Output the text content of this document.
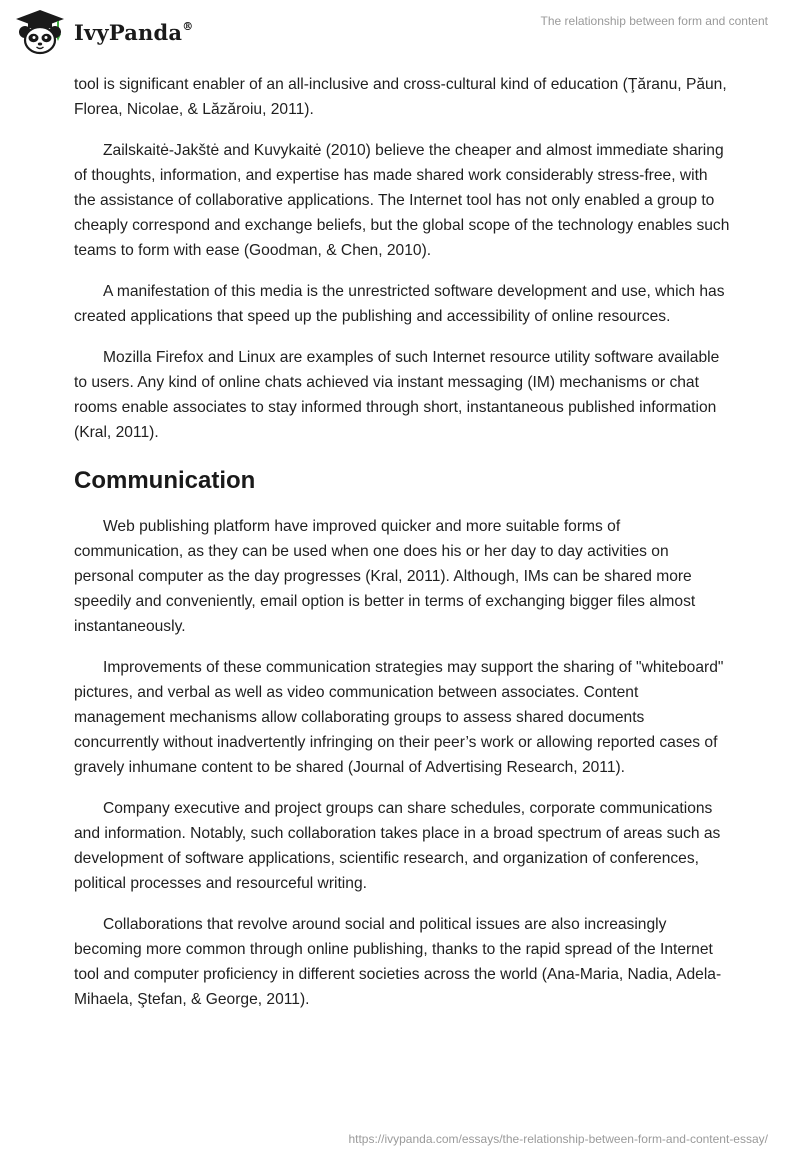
IvyPanda®	The relationship between form and content

tool is significant enabler of an all-inclusive and cross-cultural kind of education (Ţăranu, Păun, Florea, Nicolae, & Lăzăroiu, 2011).

Zailskaitė-Jakštė and Kuvykaitė (2010) believe the cheaper and almost immediate sharing of thoughts, information, and expertise has made shared work considerably stress-free, with the assistance of collaborative applications. The Internet tool has not only enabled a group to cheaply correspond and exchange beliefs, but the global scope of the technology enables such teams to form with ease (Goodman, & Chen, 2010).

A manifestation of this media is the unrestricted software development and use, which has created applications that speed up the publishing and accessibility of online resources.

Mozilla Firefox and Linux are examples of such Internet resource utility software available to users. Any kind of online chats achieved via instant messaging (IM) mechanisms or chat rooms enable associates to stay informed through short, instantaneous published information (Kral, 2011).

Communication

Web publishing platform have improved quicker and more suitable forms of communication, as they can be used when one does his or her day to day activities on personal computer as the day progresses (Kral, 2011). Although, IMs can be shared more speedily and conveniently, email option is better in terms of exchanging bigger files almost instantaneously.

Improvements of these communication strategies may support the sharing of "whiteboard" pictures, and verbal as well as video communication between associates. Content management mechanisms allow collaborating groups to assess shared documents concurrently without inadvertently infringing on their peer’s work or allowing reported cases of gravely inhumane content to be shared (Journal of Advertising Research, 2011).

Company executive and project groups can share schedules, corporate communications and information. Notably, such collaboration takes place in a broad spectrum of areas such as development of software applications, scientific research, and organization of conferences, political processes and resourceful writing.

Collaborations that revolve around social and political issues are also increasingly becoming more common through online publishing, thanks to the rapid spread of the Internet tool and computer proficiency in different societies across the world (Ana-Maria, Nadia, Adela-Mihaela, Ştefan, & George, 2011).

https://ivypanda.com/essays/the-relationship-between-form-and-content-essay/
